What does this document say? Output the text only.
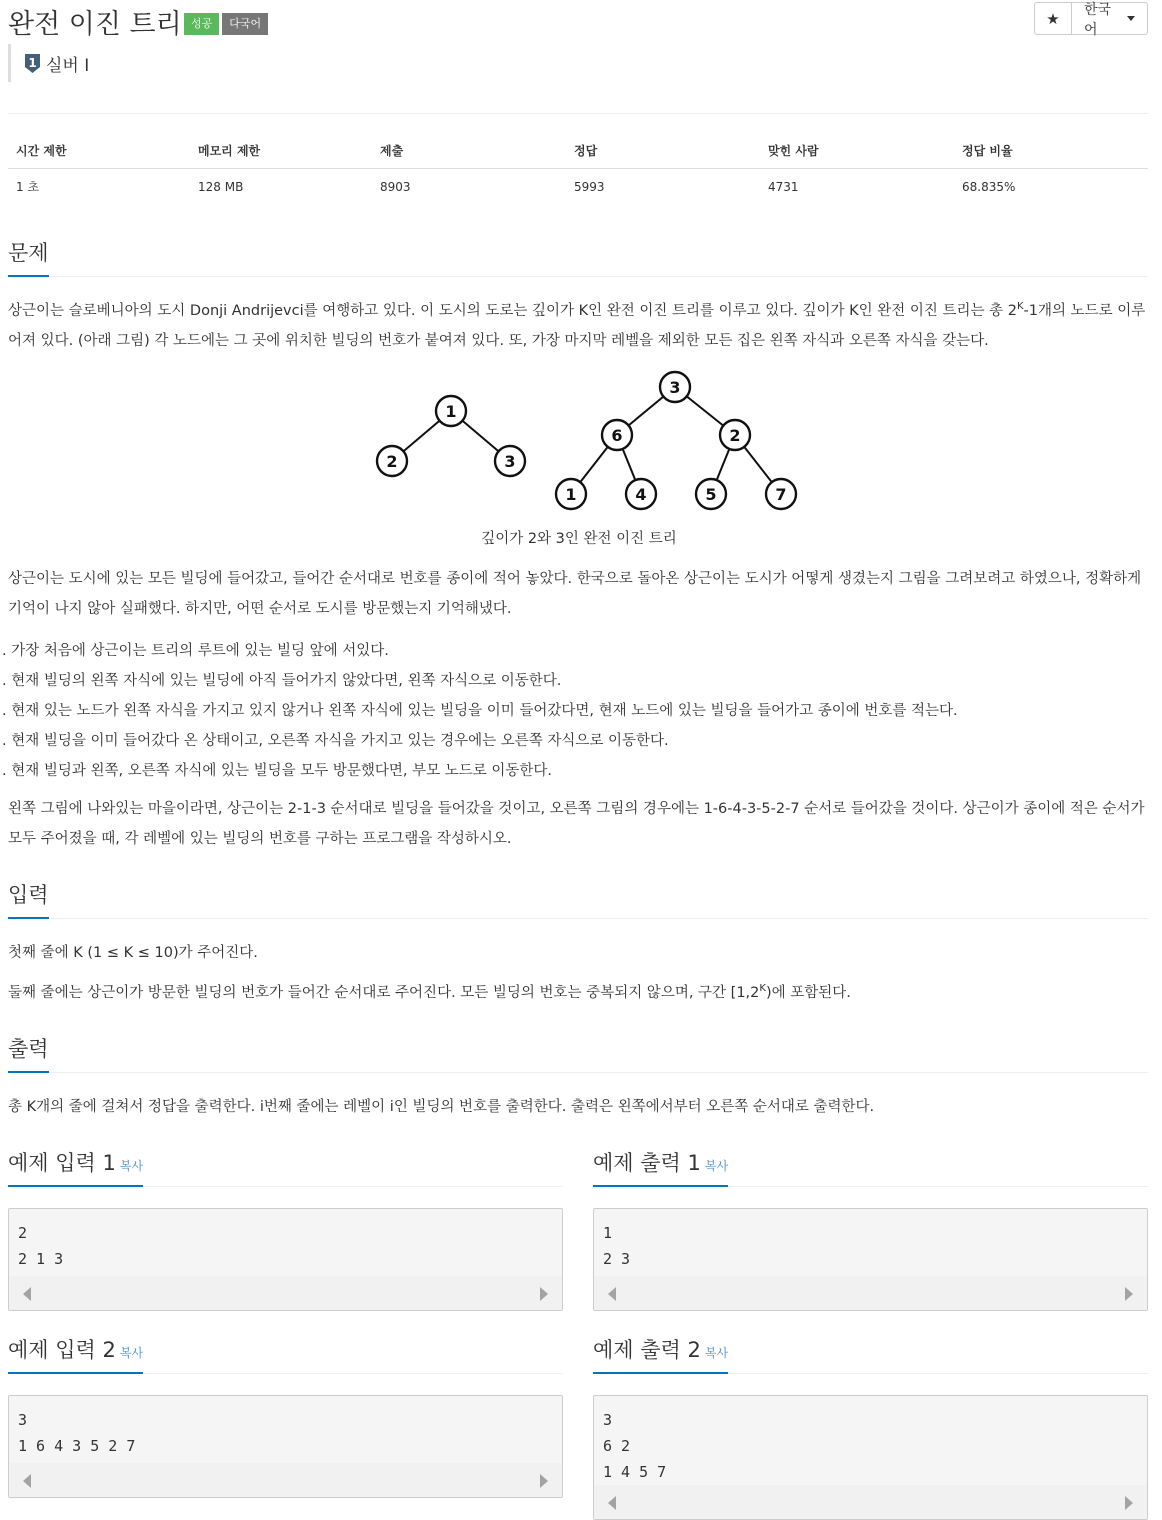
완전 이진 트리 성공 다국어	★ 한국어
1 실버 I
시간 제한	메모리 제한	제출	정답	맞힌 사람	정답 비율
1 초	128 MB	8903	5993	4731	68.835%
문제
상근이는 슬로베니아의 도시 Donji Andrijevci를 여행하고 있다. 이 도시의 도로는 깊이가 K인 완전 이진 트리를 이루고 있다. 깊이가 K인 완전 이진 트리는 총 $2^K-1$개의 노드로 이루어져 있다. (아래 그림) 각 노드에는 그 곳에 위치한 빌딩의 번호가 붙여져 있다. 또, 가장 마지막 레벨을 제외한 모든 집은 왼쪽 자식과 오른쪽 자식을 갖는다.
1
2	3
3
6	2
1	4	5	7
깊이가 2와 3인 완전 이진 트리
상근이는 도시에 있는 모든 빌딩에 들어갔고, 들어간 순서대로 번호를 종이에 적어 놓았다. 한국으로 돌아온 상근이는 도시가 어떻게 생겼는지 그림을 그려보려고 하였으나, 정확하게 기억이 나지 않아 실패했다. 하지만, 어떤 순서로 도시를 방문했는지 기억해냈다.
. 가장 처음에 상근이는 트리의 루트에 있는 빌딩 앞에 서있다.
. 현재 빌딩의 왼쪽 자식에 있는 빌딩에 아직 들어가지 않았다면, 왼쪽 자식으로 이동한다.
. 현재 있는 노드가 왼쪽 자식을 가지고 있지 않거나 왼쪽 자식에 있는 빌딩을 이미 들어갔다면, 현재 노드에 있는 빌딩을 들어가고 종이에 번호를 적는다.
. 현재 빌딩을 이미 들어갔다 온 상태이고, 오른쪽 자식을 가지고 있는 경우에는 오른쪽 자식으로 이동한다.
. 현재 빌딩과 왼쪽, 오른쪽 자식에 있는 빌딩을 모두 방문했다면, 부모 노드로 이동한다.
왼쪽 그림에 나와있는 마을이라면, 상근이는 2-1-3 순서대로 빌딩을 들어갔을 것이고, 오른쪽 그림의 경우에는 1-6-4-3-5-2-7 순서로 들어갔을 것이다. 상근이가 종이에 적은 순서가 모두 주어졌을 때, 각 레벨에 있는 빌딩의 번호를 구하는 프로그램을 작성하시오.
입력
첫째 줄에 K (1 ≤ K ≤ 10)가 주어진다.
둘째 줄에는 상근이가 방문한 빌딩의 번호가 들어간 순서대로 주어진다. 모든 빌딩의 번호는 중복되지 않으며, 구간 $[1,2^K)$에 포함된다.
출력
총 K개의 줄에 걸쳐서 정답을 출력한다. i번째 줄에는 레벨이 i인 빌딩의 번호를 출력한다. 출력은 왼쪽에서부터 오른쪽 순서대로 출력한다.
예제 입력 1 복사	예제 출력 1 복사
2
2 1 3
1
2 3
예제 입력 2 복사	예제 출력 2 복사
3
1 6 4 3 5 2 7
3
6 2
1 4 5 7
